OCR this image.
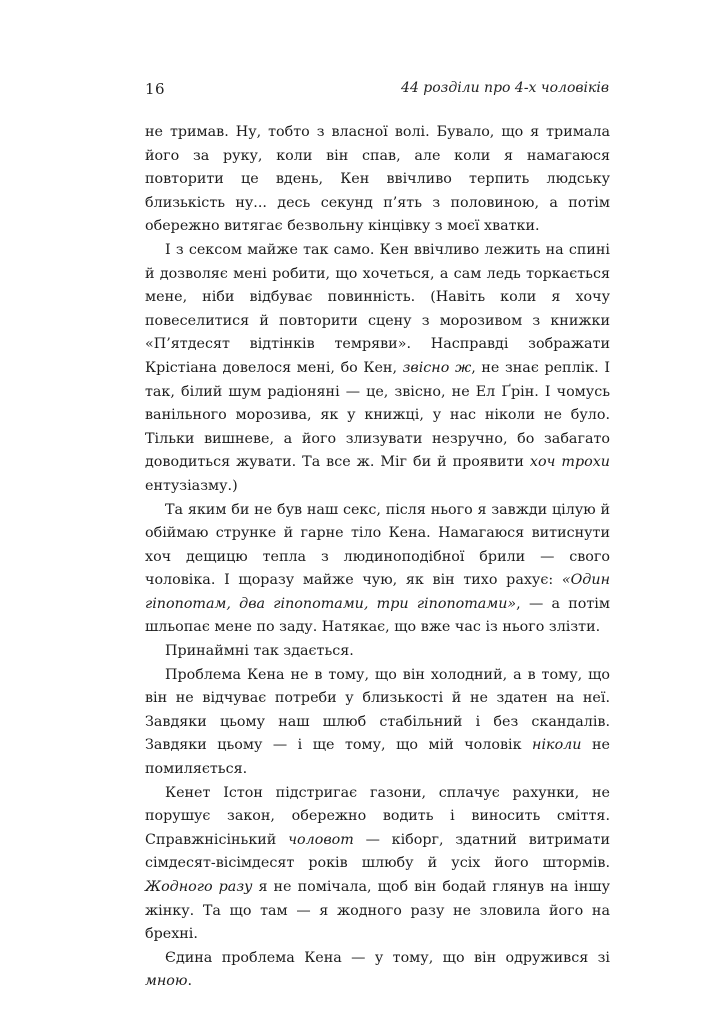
16	44 розділи про 4-х чоловіків

не тримав. Ну, тобто з власної волі. Бувало, що я тримала його за руку, коли він спав, але коли я намагаюся повторити це вдень, Кен ввічливо терпить людську близькість ну... десь секунд п’ять з половиною, а потім обережно витягає безвольну кінцівку з моєї хватки.

І з сексом майже так само. Кен ввічливо лежить на спині й дозволяє мені робити, що хочеться, а сам ледь торкається мене, ніби відбуває повинність. (Навіть коли я хочу повеселитися й повторити сцену з морозивом з книжки «П’ятдесят відтінків темряви». Насправді зображати Крістіана довелося мені, бо Кен, звісно ж, не знає реплік. І так, білий шум радіоняні — це, звісно, не Ел Ґрін. І чомусь ванільного морозива, як у книжці, у нас ніколи не було. Тільки вишневе, а його злизувати незручно, бо забагато доводиться жувати. Та все ж. Міг би й проявити хоч трохи ентузіазму.)

Та яким би не був наш секс, після нього я завжди цілую й обіймаю струнке й гарне тіло Кена. Намагаюся витиснути хоч дещицю тепла з людиноподібної брили — свого чоловіка. І щоразу майже чую, як він тихо рахує: «Один гіпопотам, два гіпопотами, три гіпопотами», — а потім шльопає мене по заду. Натякає, що вже час із нього злізти.

Принаймні так здається.

Проблема Кена не в тому, що він холодний, а в тому, що він не відчуває потреби у близькості й не здатен на неї. Завдяки цьому наш шлюб стабільний і без скандалів. Завдяки цьому — і ще тому, що мій чоловік ніколи не помиляється.

Кенет Істон підстригає газони, сплачує рахунки, не порушує закон, обережно водить і виносить сміття. Справжнісінький чоловот — кіборг, здатний витримати сімдесят-вісімдесят років шлюбу й усіх його штормів. Жодного разу я не помічала, щоб він бодай глянув на іншу жінку. Та що там — я жодного разу не зловила його на брехні.

Єдина проблема Кена — у тому, що він одружився зі мною.
